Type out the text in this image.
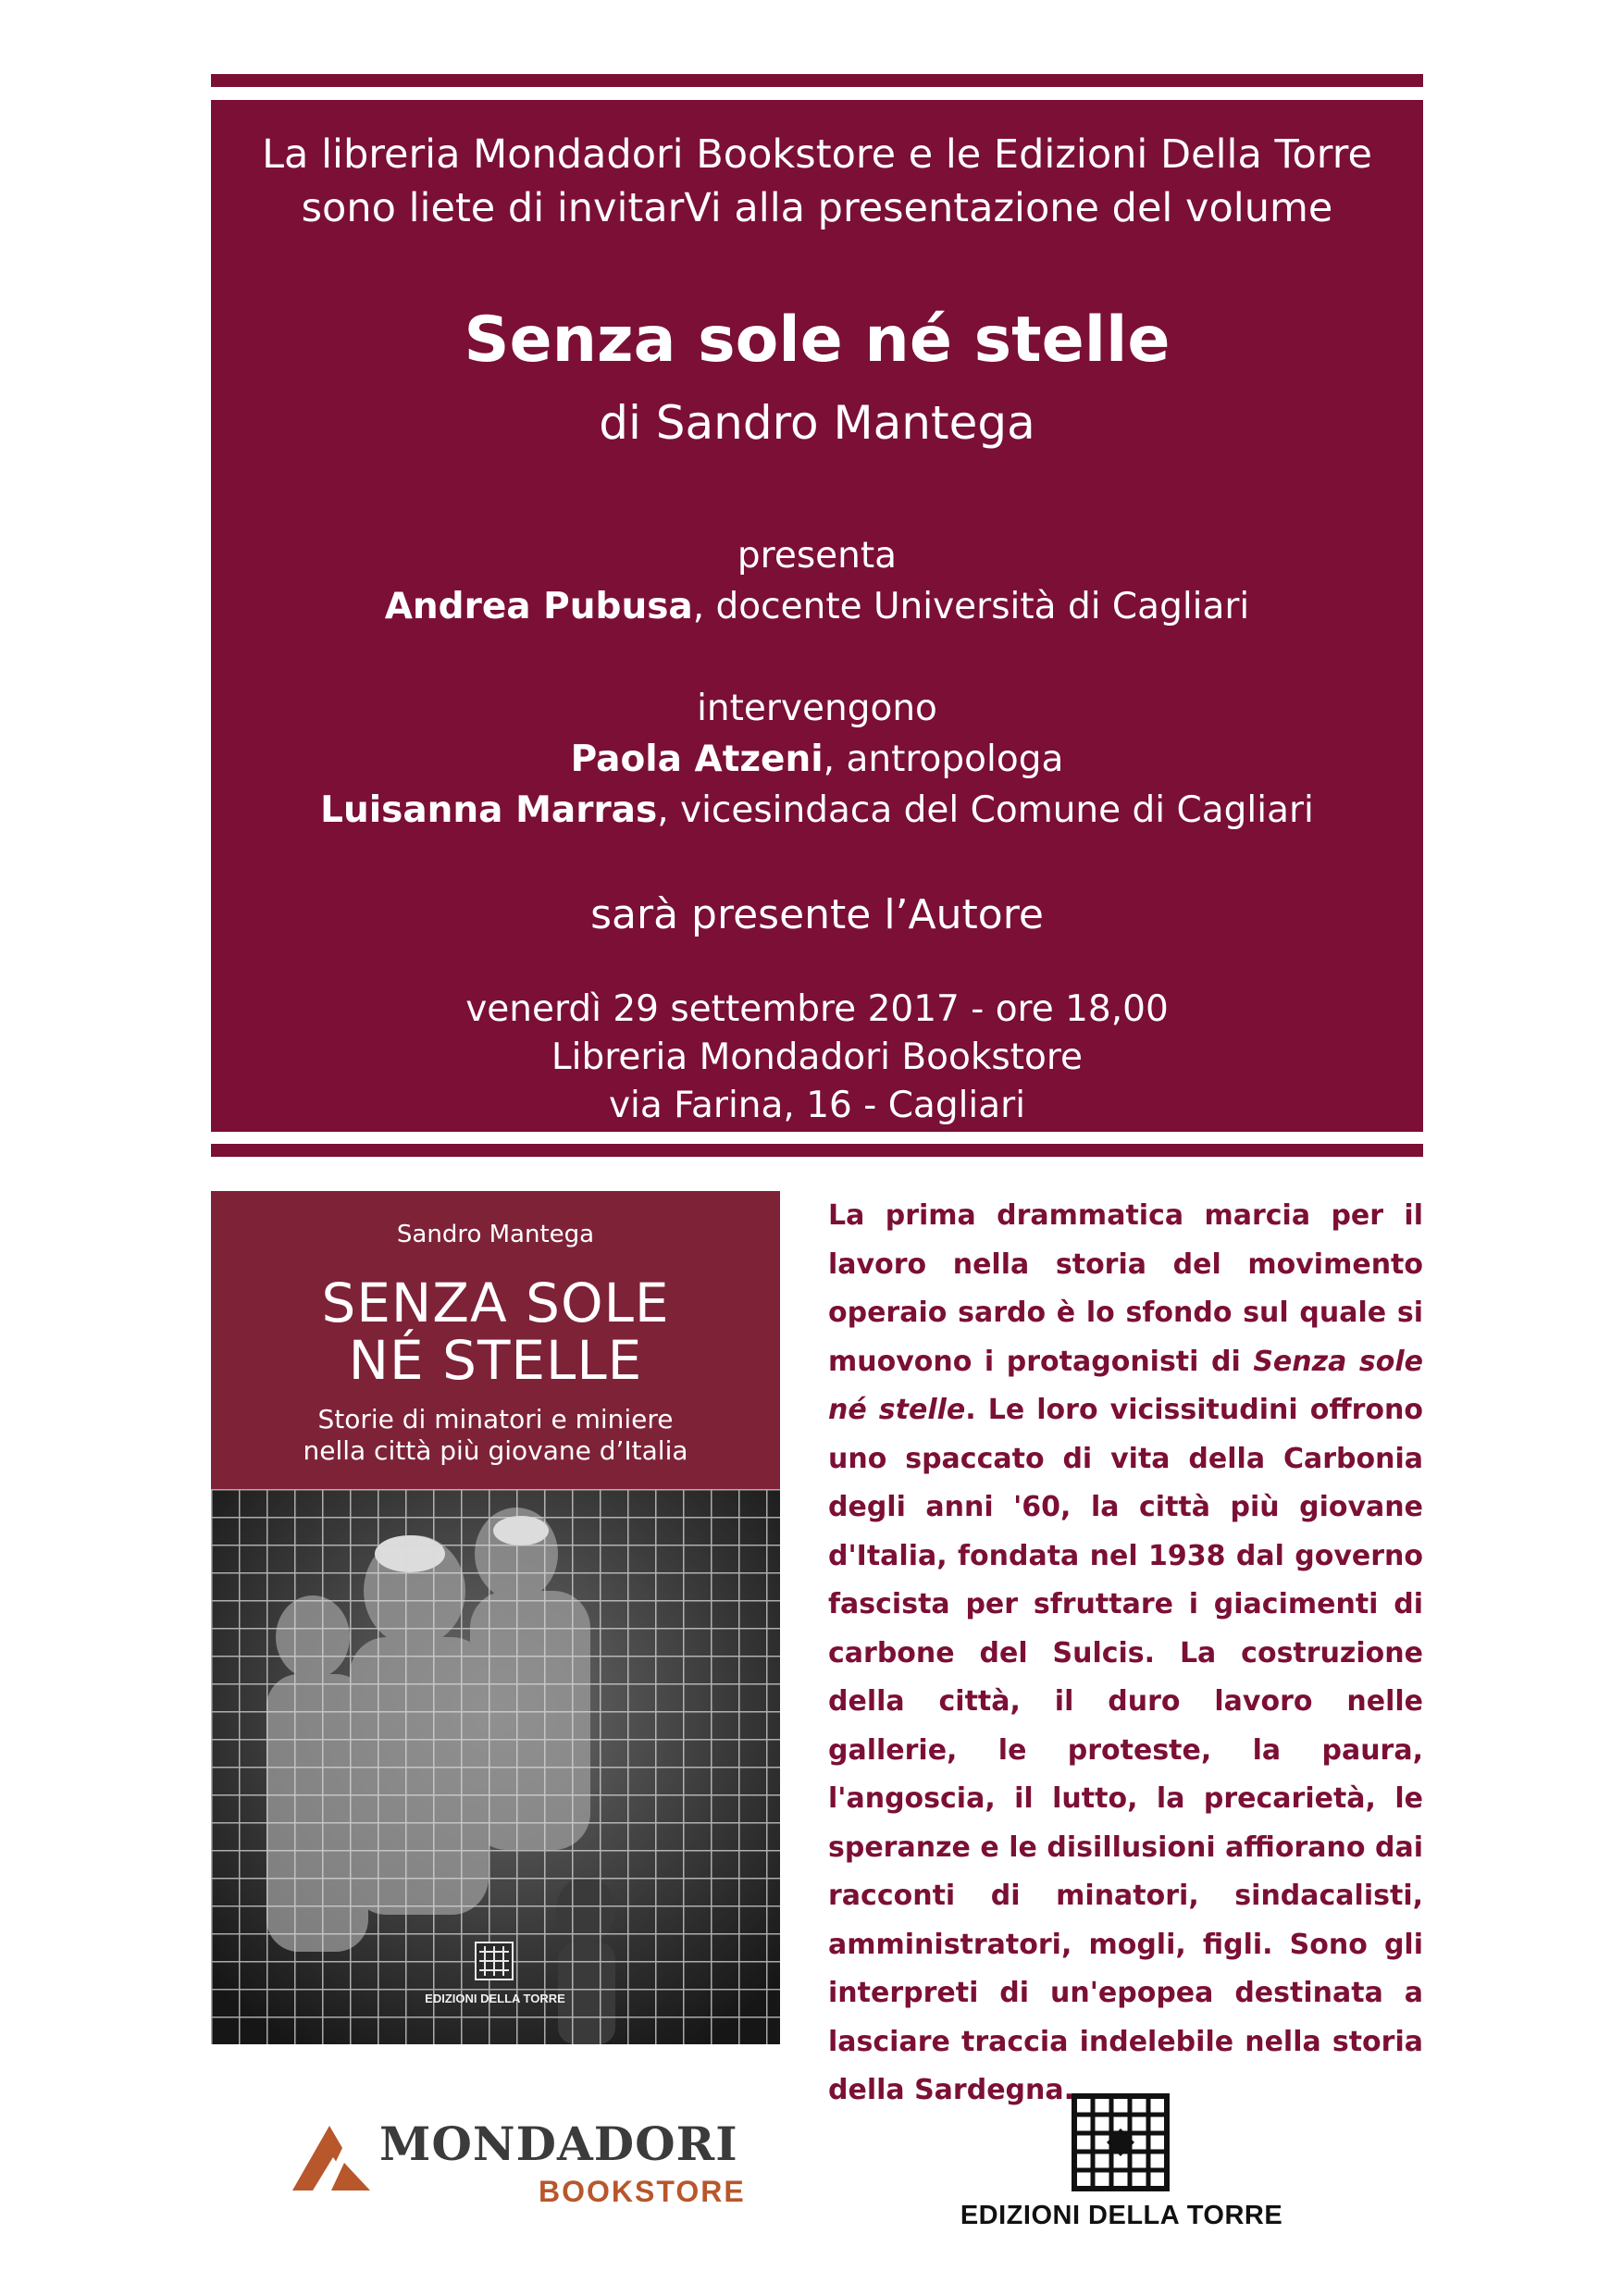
La libreria Mondadori Bookstore e le Edizioni Della Torre
sono liete di invitarVi alla presentazione del volume
Senza sole né stelle
di Sandro Mantega
presenta
Andrea Pubusa, docente Università di Cagliari
intervengono
Paola Atzeni, antropologa
Luisanna Marras, vicesindaca del Comune di Cagliari
sarà presente l’Autore
venerdì 29 settembre 2017 - ore 18,00
Libreria Mondadori Bookstore
via Farina, 16 - Cagliari
Sandro Mantega
SENZA SOLE
NÉ STELLE
Storie di minatori e miniere
nella città più giovane d’Italia
EDIZIONI DELLA TORRE
La prima drammatica marcia per il lavoro nella storia del movimento operaio sardo è lo sfondo sul quale si muovono i protagonisti di Senza sole né stelle. Le loro vicissitudini offrono uno spaccato di vita della Carbonia degli anni '60, la città più giovane d'Italia, fondata nel 1938 dal governo fascista per sfruttare i giacimenti di carbone del Sulcis. La costruzione della città, il duro lavoro nelle gallerie, le proteste, la paura, l'angoscia, il lutto, la precarietà, le speranze e le disillusioni affiorano dai racconti di minatori, sindacalisti, amministratori, mogli, figli. Sono gli interpreti di un'epopea destinata a lasciare traccia indelebile nella storia della Sardegna.
MONDADORI
BOOKSTORE
EDIZIONI DELLA TORRE
